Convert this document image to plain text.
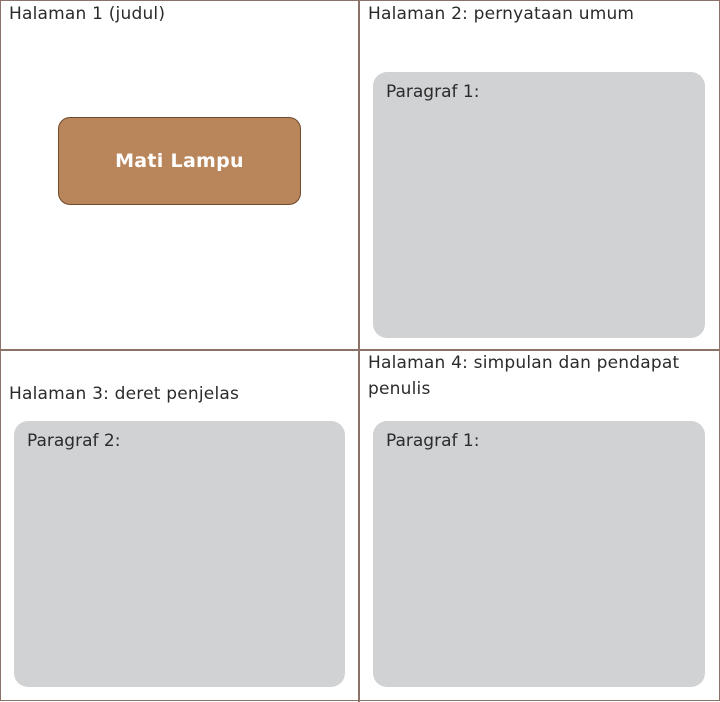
Halaman 1 (judul)
Mati Lampu
Halaman 2: pernyataan umum
Paragraf 1:
Halaman 3: deret penjelas
Paragraf 2:
Halaman 4: simpulan dan pendapat
penulis
Paragraf 1:
